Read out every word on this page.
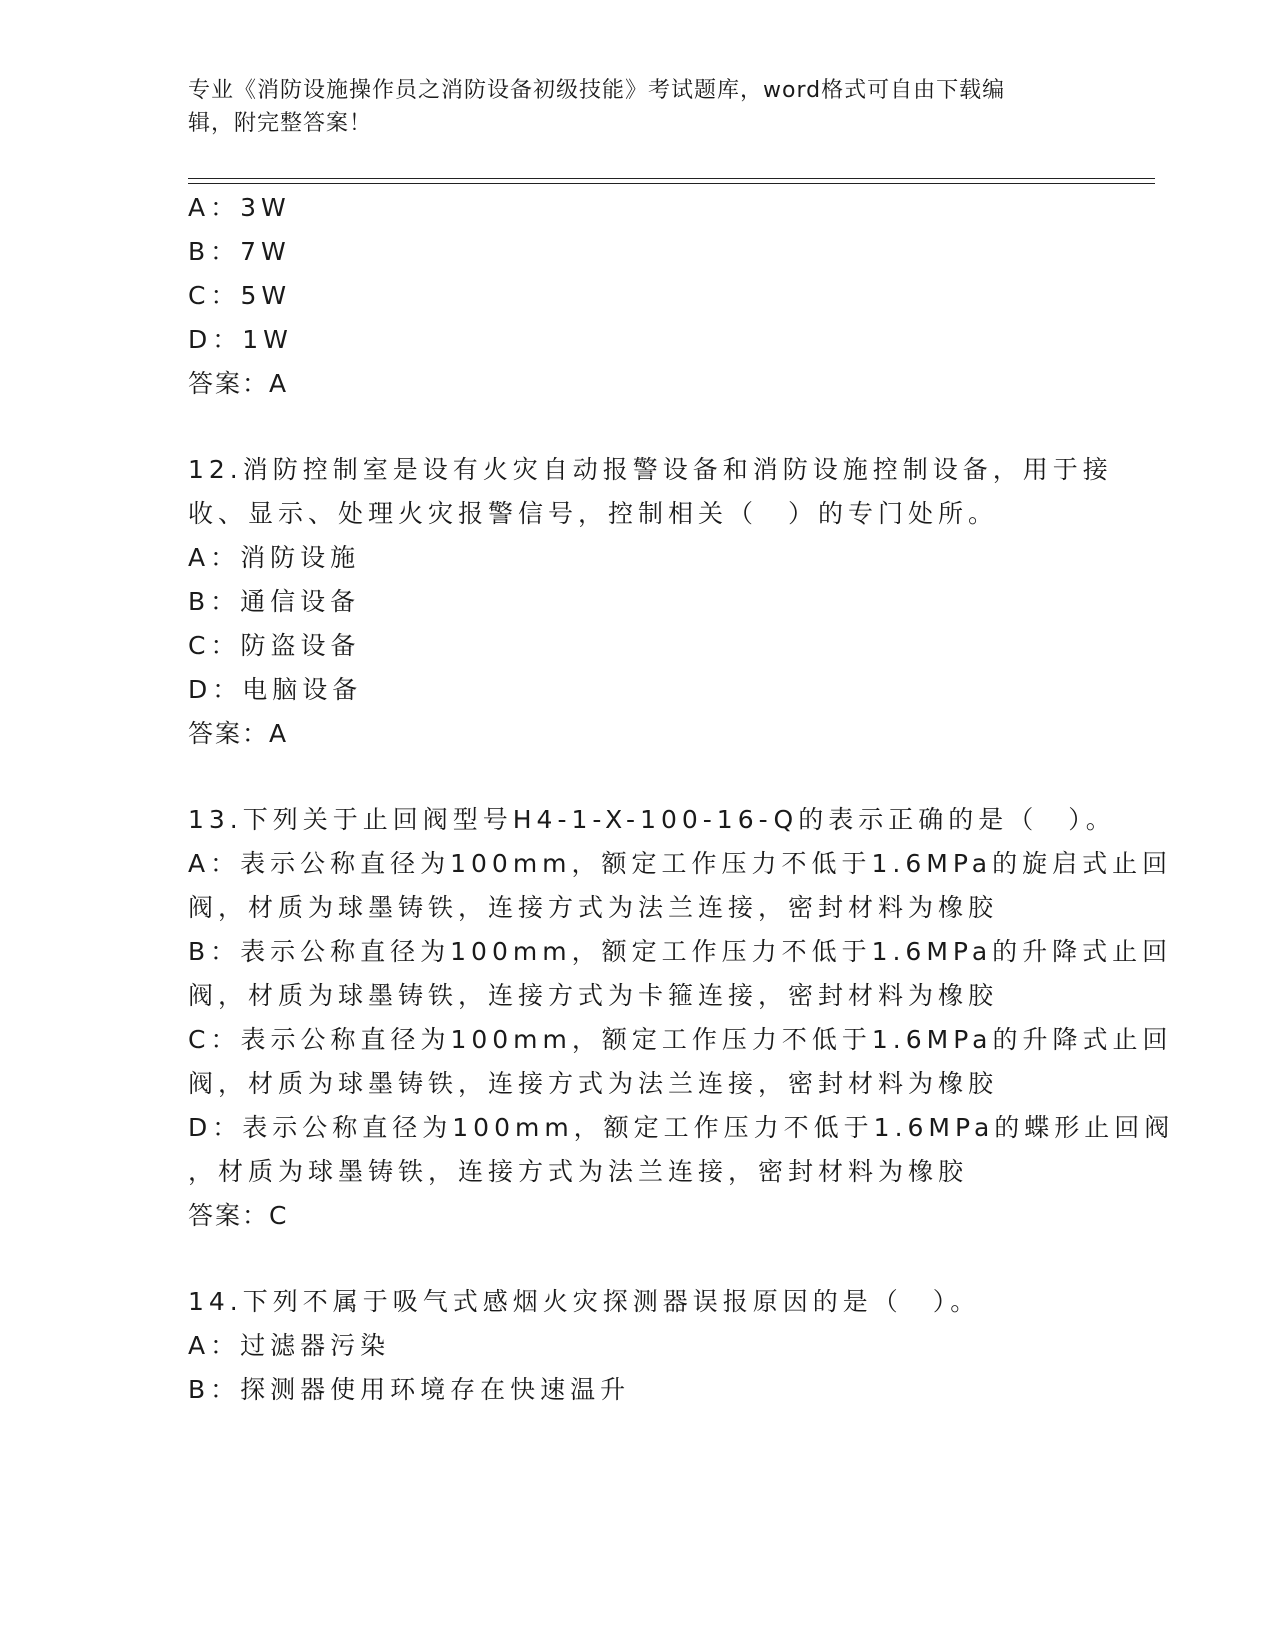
专业《消防设施操作员之消防设备初级技能》考试题库，word格式可自由下载编
辑，附完整答案！
A：3W
B：7W
C：5W
D：1W
答案：A
12.消防控制室是设有火灾自动报警设备和消防设施控制设备，用于接
收、显示、处理火灾报警信号，控制相关（　）的专门处所。
A：消防设施
B：通信设备
C：防盗设备
D：电脑设备
答案：A
13.下列关于止回阀型号H4-1-X-100-16-Q的表示正确的是（　）。
A：表示公称直径为100mm，额定工作压力不低于1.6MPa的旋启式止回
阀，材质为球墨铸铁，连接方式为法兰连接，密封材料为橡胶
B：表示公称直径为100mm，额定工作压力不低于1.6MPa的升降式止回
阀，材质为球墨铸铁，连接方式为卡箍连接，密封材料为橡胶
C：表示公称直径为100mm，额定工作压力不低于1.6MPa的升降式止回
阀，材质为球墨铸铁，连接方式为法兰连接，密封材料为橡胶
D：表示公称直径为100mm，额定工作压力不低于1.6MPa的蝶形止回阀
，材质为球墨铸铁，连接方式为法兰连接，密封材料为橡胶
答案：C
14.下列不属于吸气式感烟火灾探测器误报原因的是（　）。
A：过滤器污染
B：探测器使用环境存在快速温升
